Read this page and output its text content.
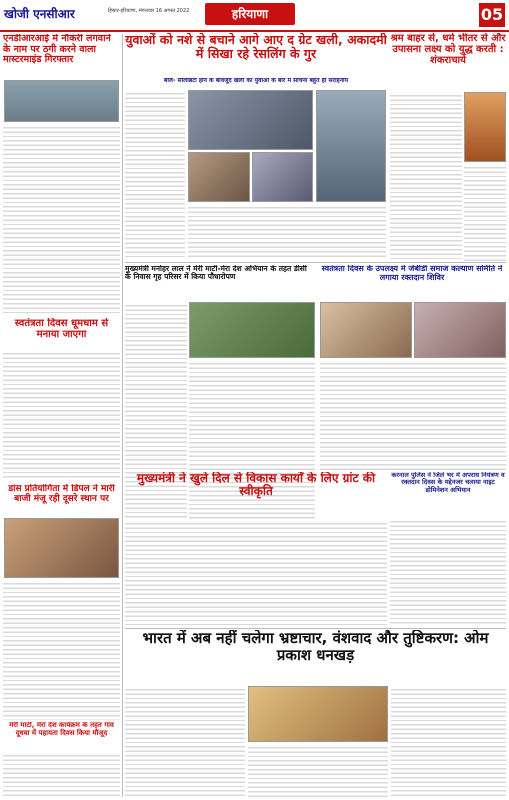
खोजी एनसीआर	हिसार-हरियाणा, मंगलवार 16 अगस्त 2022	हरियाणा	05
एनडीआरआई में नौकरी लगवाने के नाम पर ठगी करने वाला मास्टरमाइंड गिरफ्तार
स्वतंत्रता दिवस धूमधाम से मनाया जाएगा
डांस प्रतियोगिता में डिपल ने मारी बाजी मंजू रही दूसरे स्थान पर
मेरी माटी, मेरा देश कार्यक्रम के तहत गांव दूधवा में पहायता दिवस किया मौजूद
युवाओं को नशे से बचाने आगे आए द ग्रेट खली, अकादमी में सिखा रहे रेसलिंग के गुर
बोले- सेलिब्रिटी होने के बावजूद खली का युवाओं के बारे में सोचना बहुत ही सराहनीय
श्रम बाहर से, धर्म भीतर से और उपासना लक्ष्य को युद्ध करती : शंकराचार्य
मुख्यमंत्री मनोहर लाल ने मेरी माटी-मेरा देश अभियान के तहत डीसी के निवास गृह परिसर में किया पौधारोपण
स्वतंत्रता दिवस के उपलक्ष्य में जेबीडी समाज कल्याण समिति ने लगाया रक्तदान शिविर
मुख्यमंत्री ने खुले दिल से विकास कार्यों के लिए ग्रांट की स्वीकृति
करनाल पुलिस ने जिले भर में अपराध नियंत्रण व रक्तदान दिवस के मद्देनजर चलाया नाइट डोमिनेशन अभियान
भारत में अब नहीं चलेगा भ्रष्टाचार, वंशवाद और तुष्टिकरण: ओम प्रकाश धनखड़
